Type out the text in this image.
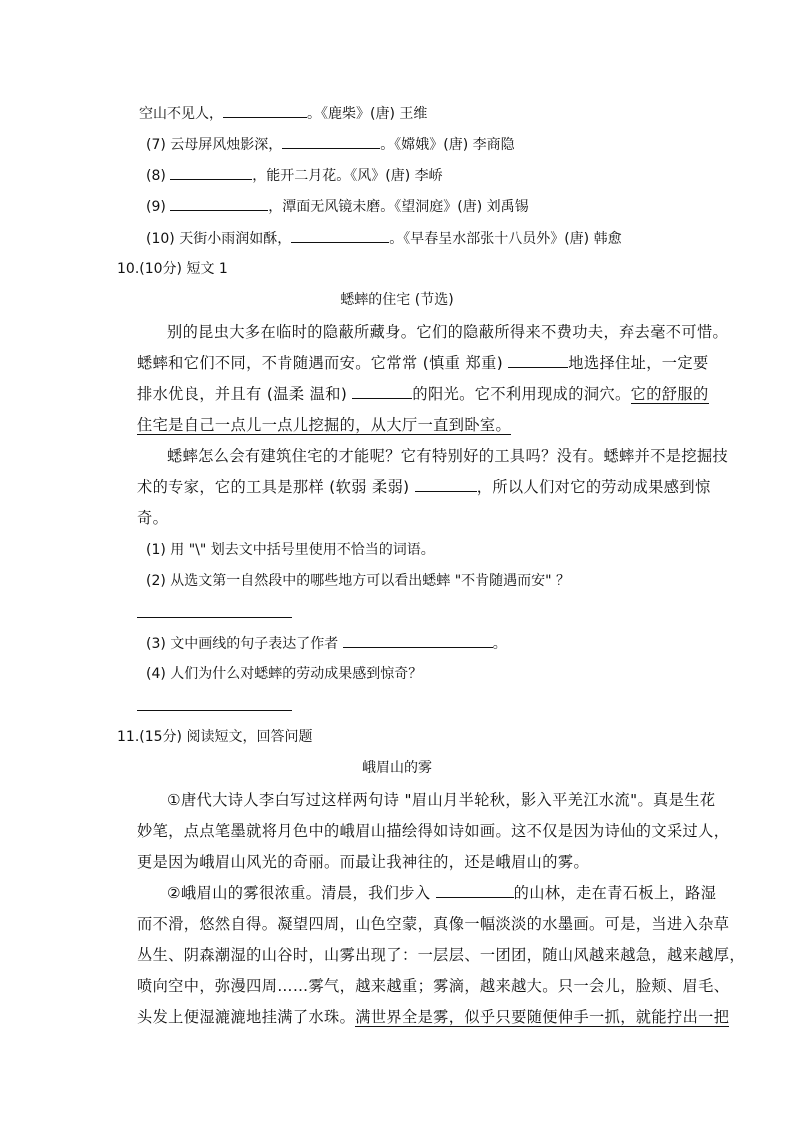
空山不见人，	。《鹿柴》(唐) 王维
(7) 云母屏风烛影深，	。《嫦娥》(唐) 李商隐
(8)	，能开二月花。《风》(唐) 李峤
(9)	，潭面无风镜未磨。《望洞庭》(唐) 刘禹锡
(10) 天街小雨润如酥，	。《早春呈水部张十八员外》(唐) 韩愈
10.(10分) 短文 1
蟋蟀的住宅 (节选)
别的昆虫大多在临时的隐蔽所藏身。它们的隐蔽所得来不费功夫，弃去毫不可惜。
蟋蟀和它们不同，不肯随遇而安。它常常 (慎重 郑重)	地选择住址，一定要
排水优良，并且有 (温柔 温和)	的阳光。它不利用现成的洞穴。它的舒服的
住宅是自己一点儿一点儿挖掘的，从大厅一直到卧室。
蟋蟀怎么会有建筑住宅的才能呢？它有特别好的工具吗？没有。蟋蟀并不是挖掘技
术的专家，它的工具是那样 (软弱 柔弱)	，所以人们对它的劳动成果感到惊
奇。
(1) 用 "\" 划去文中括号里使用不恰当的词语。
(2) 从选文第一自然段中的哪些地方可以看出蟋蟀 "不肯随遇而安" ？
(3) 文中画线的句子表达了作者	。
(4) 人们为什么对蟋蟀的劳动成果感到惊奇？
11.(15分) 阅读短文，回答问题
峨眉山的雾
①唐代大诗人李白写过这样两句诗 "眉山月半轮秋，影入平羌江水流"。真是生花
妙笔，点点笔墨就将月色中的峨眉山描绘得如诗如画。这不仅是因为诗仙的文采过人，
更是因为峨眉山风光的奇丽。而最让我神往的，还是峨眉山的雾。
②峨眉山的雾很浓重。清晨，我们步入	的山林，走在青石板上，路湿
而不滑，悠然自得。凝望四周，山色空蒙，真像一幅淡淡的水墨画。可是，当进入杂草
丛生、阴森潮湿的山谷时，山雾出现了：一层层、一团团，随山风越来越急，越来越厚，
喷向空中，弥漫四周……雾气，越来越重；雾滴，越来越大。只一会儿，脸颊、眉毛、
头发上便湿漉漉地挂满了水珠。满世界全是雾，似乎只要随便伸手一抓，就能拧出一把
